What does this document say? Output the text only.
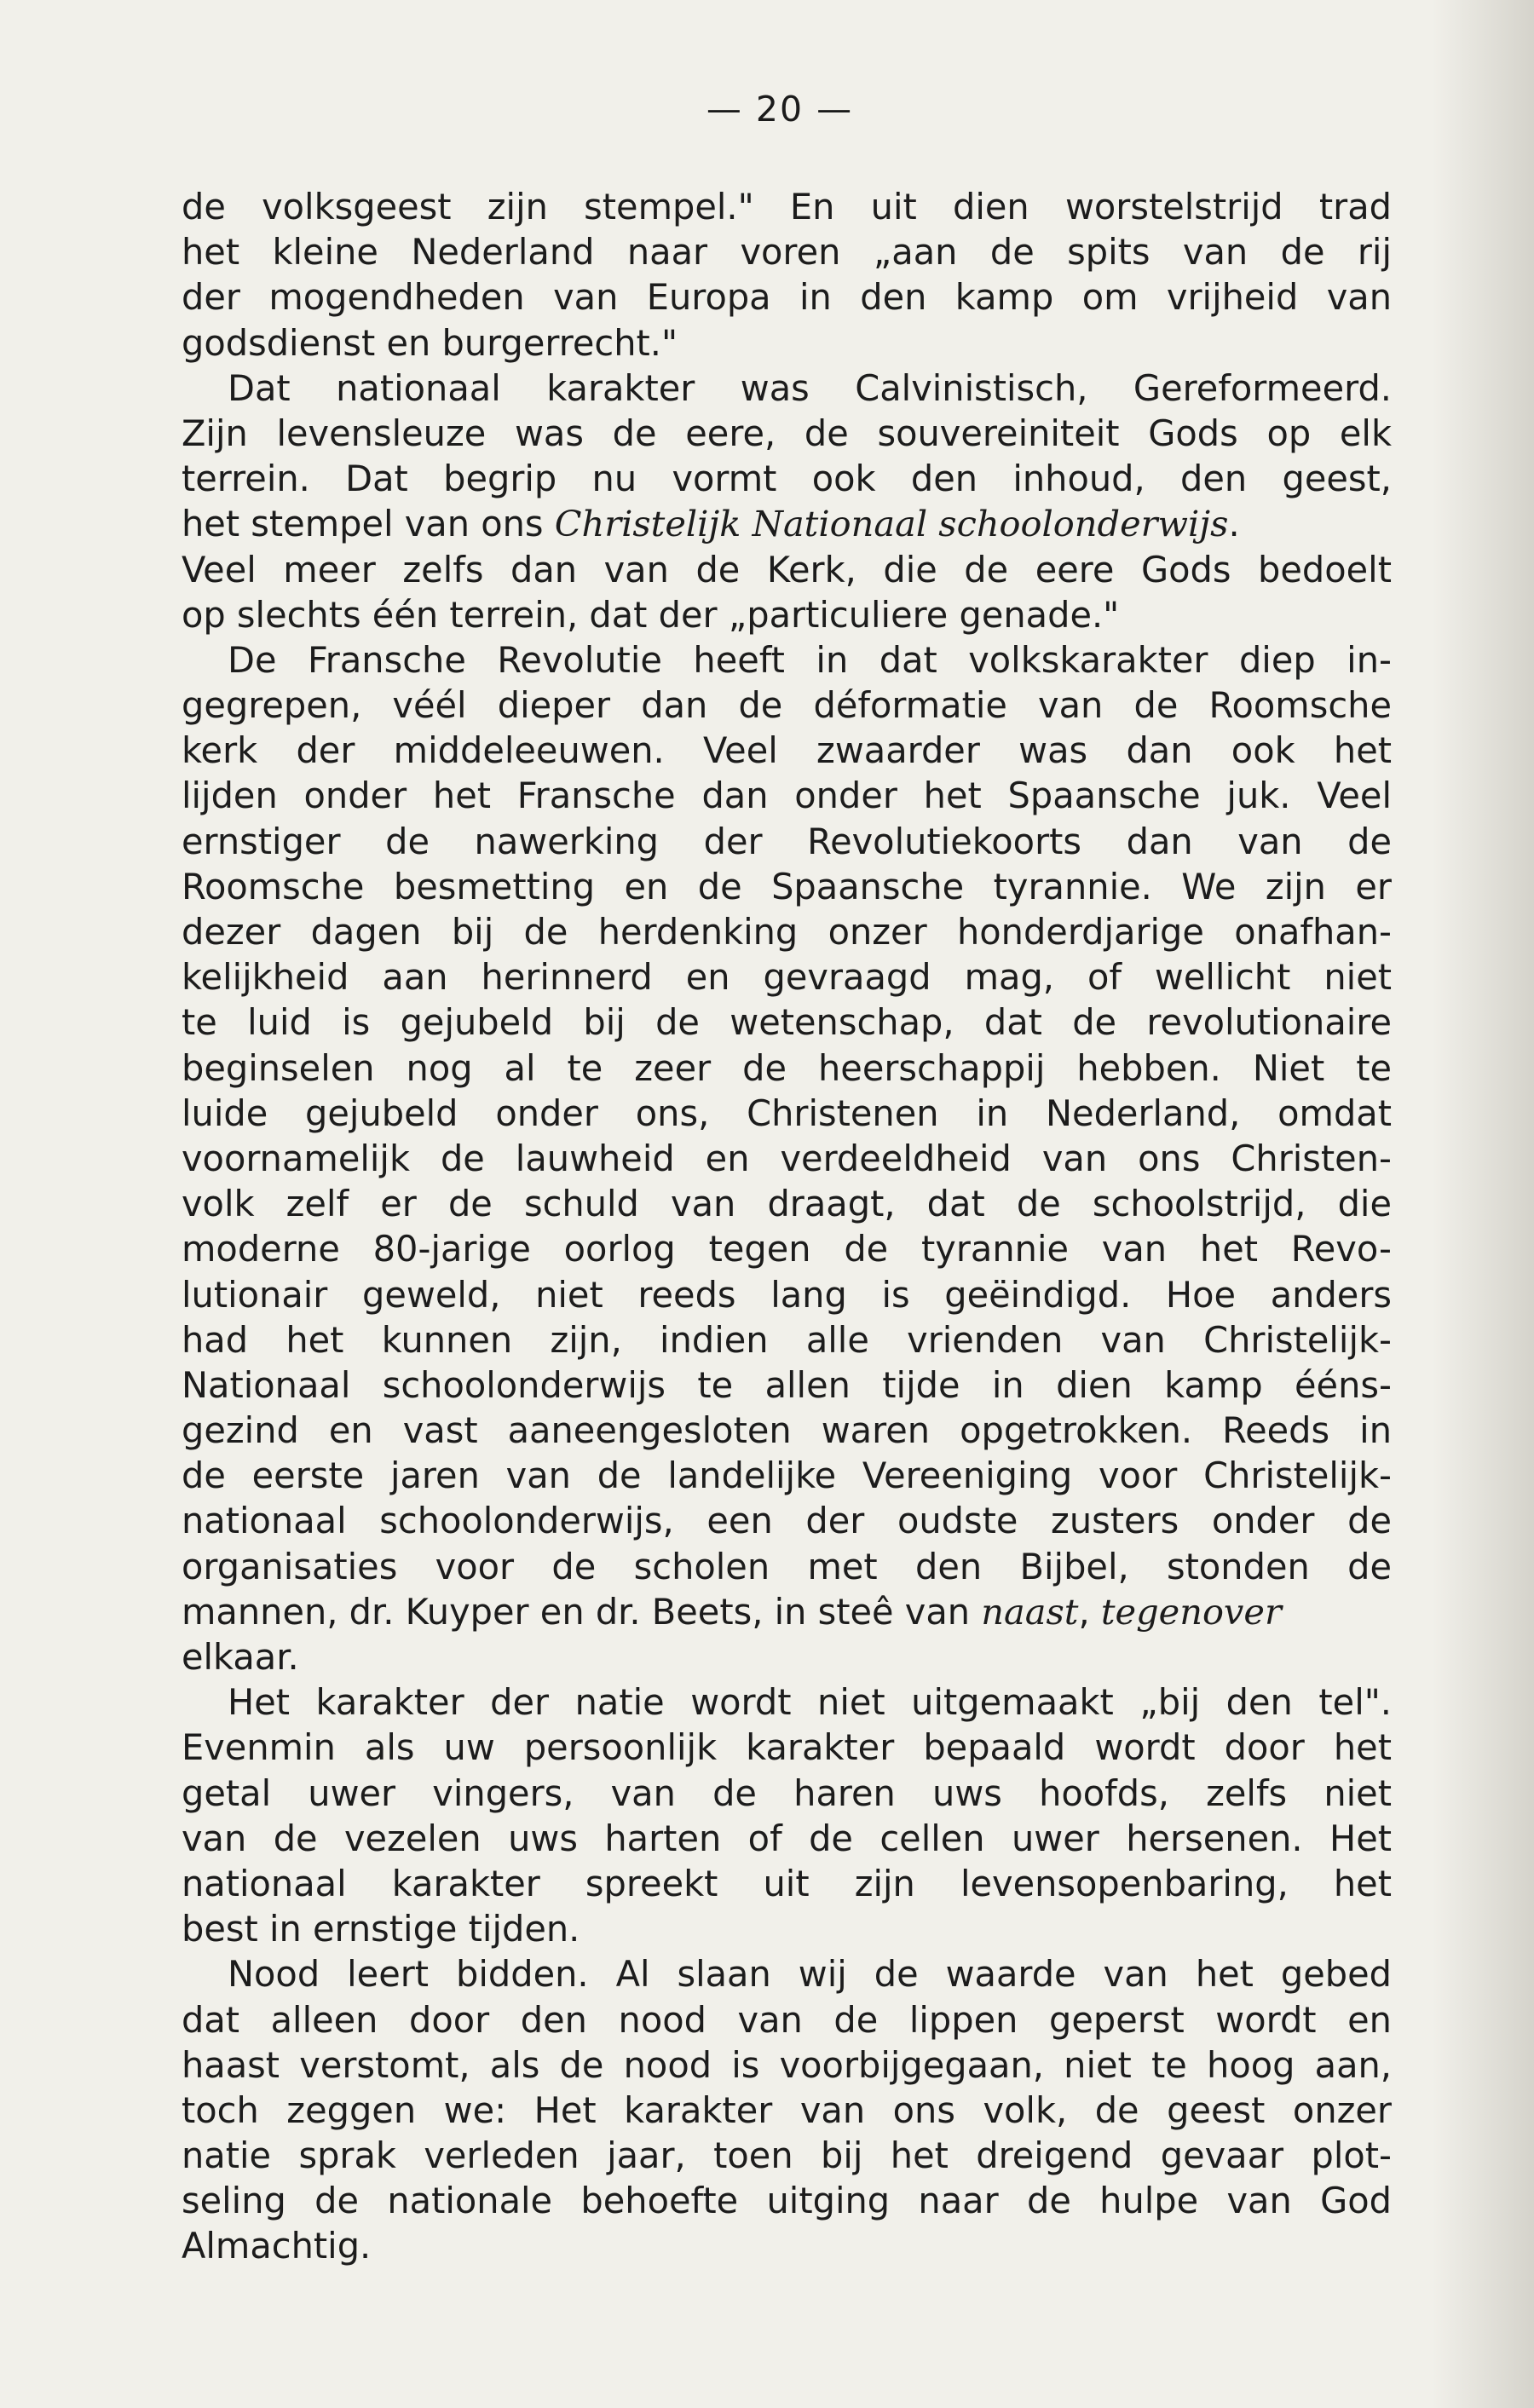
— 20 —
de volksgeest zijn stempel." En uit dien worstelstrijd trad
het kleine Nederland naar voren „aan de spits van de rij
der mogendheden van Europa in den kamp om vrijheid van
godsdienst en burgerrecht."
Dat nationaal karakter was Calvinistisch, Gereformeerd.
Zijn levensleuze was de eere, de souvereiniteit Gods op elk
terrein. Dat begrip nu vormt ook den inhoud, den geest,
het stempel van ons Christelijk Nationaal schoolonderwijs.
Veel meer zelfs dan van de Kerk, die de eere Gods bedoelt
op slechts één terrein, dat der „particuliere genade."
De Fransche Revolutie heeft in dat volkskarakter diep in-
gegrepen, véél dieper dan de déformatie van de Roomsche
kerk der middeleeuwen. Veel zwaarder was dan ook het
lijden onder het Fransche dan onder het Spaansche juk. Veel
ernstiger de nawerking der Revolutiekoorts dan van de
Roomsche besmetting en de Spaansche tyrannie. We zijn er
dezer dagen bij de herdenking onzer honderdjarige onafhan-
kelijkheid aan herinnerd en gevraagd mag, of wellicht niet
te luid is gejubeld bij de wetenschap, dat de revolutionaire
beginselen nog al te zeer de heerschappij hebben. Niet te
luide gejubeld onder ons, Christenen in Nederland, omdat
voornamelijk de lauwheid en verdeeldheid van ons Christen-
volk zelf er de schuld van draagt, dat de schoolstrijd, die
moderne 80-jarige oorlog tegen de tyrannie van het Revo-
lutionair geweld, niet reeds lang is geëindigd. Hoe anders
had het kunnen zijn, indien alle vrienden van Christelijk-
Nationaal schoolonderwijs te allen tijde in dien kamp ééns-
gezind en vast aaneengesloten waren opgetrokken. Reeds in
de eerste jaren van de landelijke Vereeniging voor Christelijk-
nationaal schoolonderwijs, een der oudste zusters onder de
organisaties voor de scholen met den Bijbel, stonden de
mannen, dr. Kuyper en dr. Beets, in steê van naast, tegenover
elkaar.
Het karakter der natie wordt niet uitgemaakt „bij den tel".
Evenmin als uw persoonlijk karakter bepaald wordt door het
getal uwer vingers, van de haren uws hoofds, zelfs niet
van de vezelen uws harten of de cellen uwer hersenen. Het
nationaal karakter spreekt uit zijn levensopenbaring, het
best in ernstige tijden.
Nood leert bidden. Al slaan wij de waarde van het gebed
dat alleen door den nood van de lippen geperst wordt en
haast verstomt, als de nood is voorbijgegaan, niet te hoog aan,
toch zeggen we: Het karakter van ons volk, de geest onzer
natie sprak verleden jaar, toen bij het dreigend gevaar plot-
seling de nationale behoefte uitging naar de hulpe van God
Almachtig.
